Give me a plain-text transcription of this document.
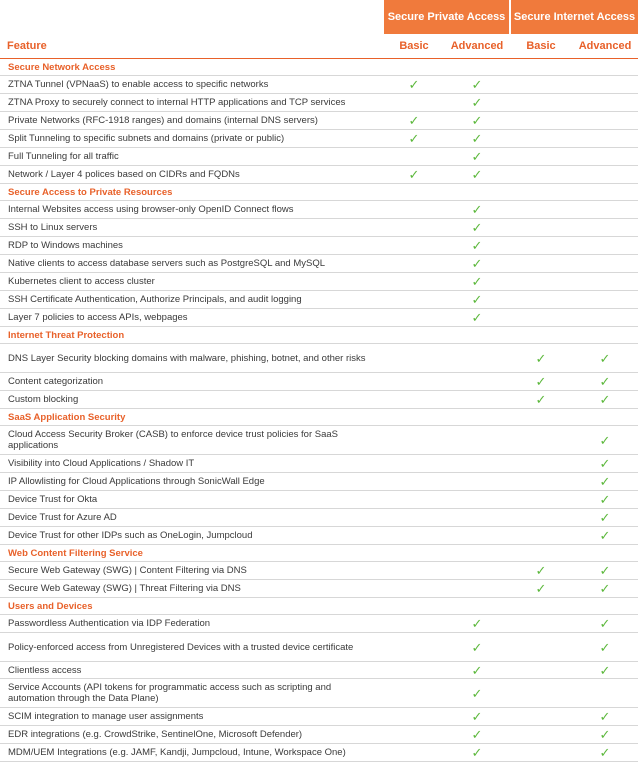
	Secure Private Access		Secure Internet Access	
Feature	Basic	Advanced	Basic	Advanced
Secure Network Access				
ZTNA Tunnel (VPNaaS) to enable access to specific networks	✓	✓		
ZTNA Proxy to securely connect to internal HTTP applications and TCP services		✓		
Private Networks (RFC-1918 ranges) and domains (internal DNS servers)	✓	✓		
Split Tunneling to specific subnets and domains (private or public)	✓	✓		
Full Tunneling for all traffic		✓		
Network / Layer 4 polices based on CIDRs and FQDNs	✓	✓		
Secure Access to Private Resources				
Internal Websites access using browser-only OpenID Connect flows		✓		
SSH to Linux servers		✓		
RDP to Windows machines		✓		
Native clients to access database servers such as PostgreSQL and MySQL		✓		
Kubernetes client to access cluster		✓		
SSH Certificate Authentication, Authorize Principals, and audit logging		✓		
Layer 7 policies to access APIs, webpages		✓		
Internet Threat Protection				
DNS Layer Security blocking domains with malware, phishing, botnet, and other risks			✓	✓
Content categorization			✓	✓
Custom blocking			✓	✓
SaaS Application Security				
Cloud Access Security Broker (CASB) to enforce device trust policies for SaaS applications				✓
Visibility into Cloud Applications / Shadow IT				✓
IP Allowlisting for Cloud Applications through SonicWall Edge				✓
Device Trust for Okta				✓
Device Trust for Azure AD				✓
Device Trust for other IDPs such as OneLogin, Jumpcloud				✓
Web Content Filtering Service				
Secure Web Gateway (SWG) | Content Filtering via DNS			✓	✓
Secure Web Gateway (SWG) | Threat Filtering via DNS			✓	✓
Users and Devices				
Passwordless Authentication via IDP Federation		✓		✓
Policy-enforced access from Unregistered Devices with a trusted device certificate		✓		✓
Clientless access		✓		✓
Service Accounts (API tokens for programmatic access such as scripting and automation through the Data Plane)		✓		
SCIM integration to manage user assignments		✓		✓
EDR integrations (e.g. CrowdStrike, SentinelOne, Microsoft Defender)		✓		✓
MDM/UEM Integrations (e.g. JAMF, Kandji, Jumpcloud, Intune, Workspace One)		✓		✓
